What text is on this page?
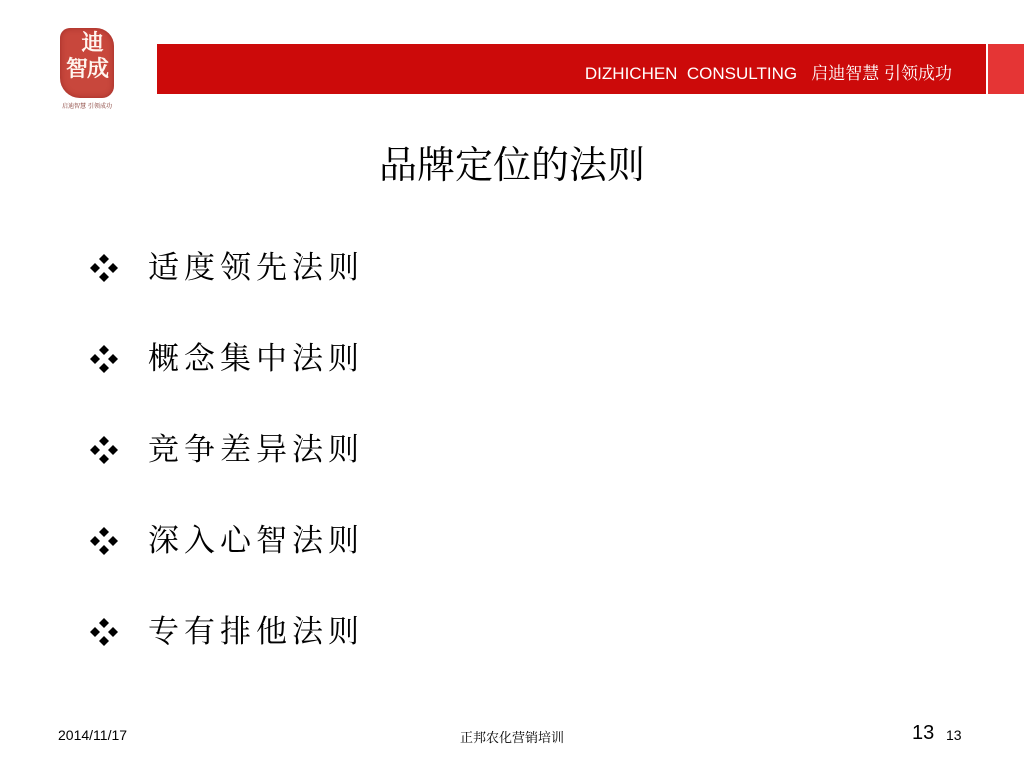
迪
智成
启迪智慧 引领成功
DIZHICHEN  CONSULTING   启迪智慧 引领成功
品牌定位的法则
适度领先法则
概念集中法则
竞争差异法则
深入心智法则
专有排他法则
2014/11/17	正邦农化营销培训	13 13
